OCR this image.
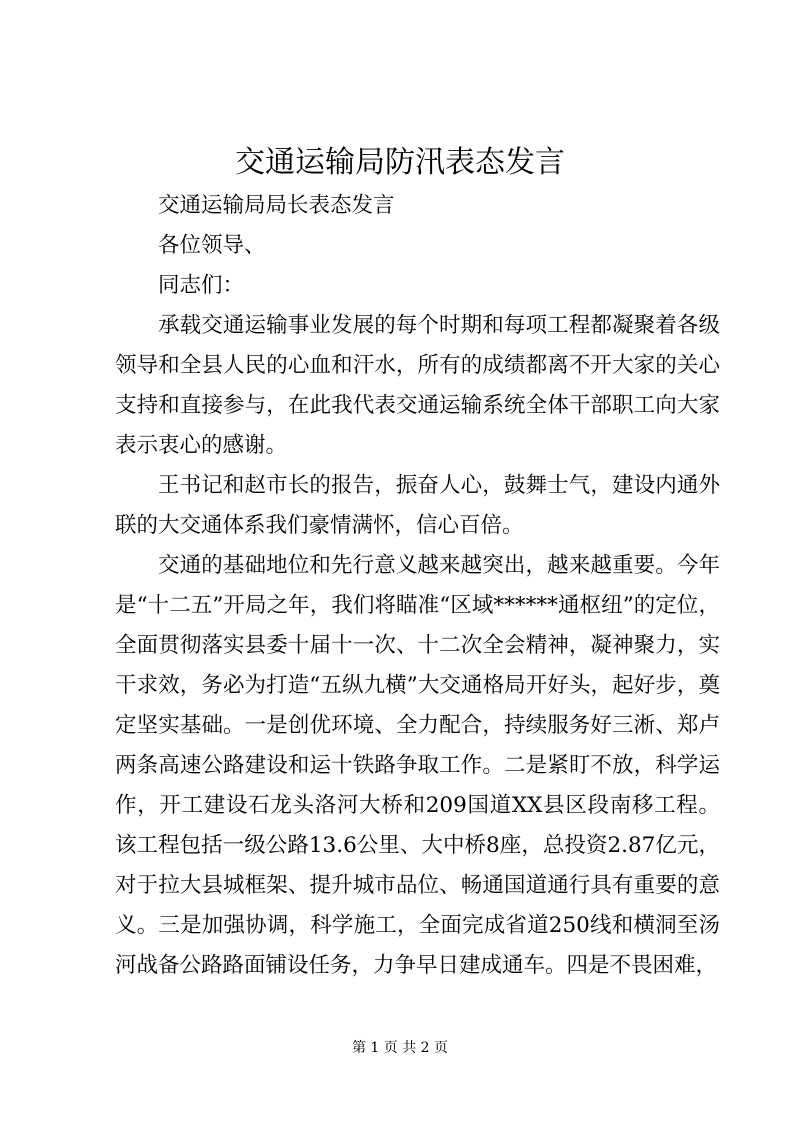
交通运输局防汛表态发言

交通运输局局长表态发言

各位领导、

同志们：

承载交通运输事业发展的每个时期和每项工程都凝聚着各级领导和全县人民的心血和汗水，所有的成绩都离不开大家的关心支持和直接参与，在此我代表交通运输系统全体干部职工向大家表示衷心的感谢。

王书记和赵市长的报告，振奋人心，鼓舞士气，建设内通外联的大交通体系我们豪情满怀，信心百倍。

交通的基础地位和先行意义越来越突出，越来越重要。今年是“十二五”开局之年，我们将瞄准“区域******通枢纽”的定位，全面贯彻落实县委十届十一次、十二次全会精神，凝神聚力，实干求效，务必为打造“五纵九横”大交通格局开好头，起好步，奠定坚实基础。一是创优环境、全力配合，持续服务好三淅、郑卢两条高速公路建设和运十铁路争取工作。二是紧盯不放，科学运作，开工建设石龙头洛河大桥和209国道XX县区段南移工程。该工程包括一级公路13.6公里、大中桥8座，总投资2.87亿元，对于拉大县城框架、提升城市品位、畅通国道通行具有重要的意义。三是加强协调，科学施工，全面完成省道250线和横洞至汤河战备公路路面铺设任务，力争早日建成通车。四是不畏困难，

第 1 页 共 2 页
